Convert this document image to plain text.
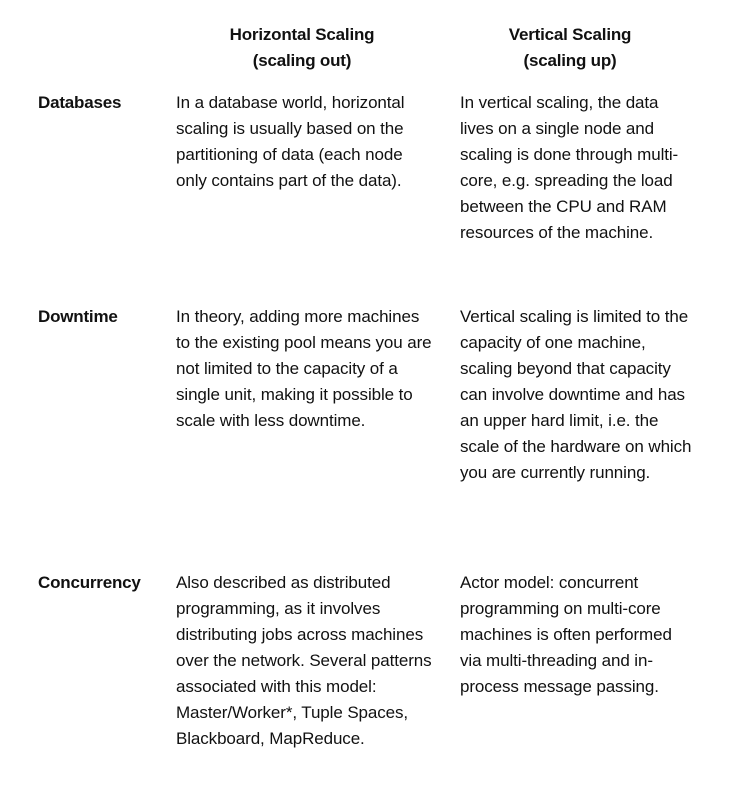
Horizontal Scaling
(scaling out)
Vertical Scaling
(scaling up)
Databases	In a database world, horizontal scaling is usually based on the partitioning of data (each node only contains part of the data).

In vertical scaling, the data lives on a single node and scaling is done through multi-core, e.g. spreading the load between the CPU and RAM resources of the machine.

Downtime	In theory, adding more machines to the existing pool means you are not limited to the capacity of a single unit, making it possible to scale with less downtime.

Vertical scaling is limited to the capacity of one machine, scaling beyond that capacity can involve downtime and has an upper hard limit, i.e. the scale of the hardware on which you are currently running.

Concurrency Also described as distributed programming, as it involves distributing jobs across machines over the network. Several patterns associated with this model: Master/Worker*, Tuple Spaces, Blackboard, MapReduce.

Actor model: concurrent programming on multi-core machines is often performed via multi-threading and in-process message passing.
